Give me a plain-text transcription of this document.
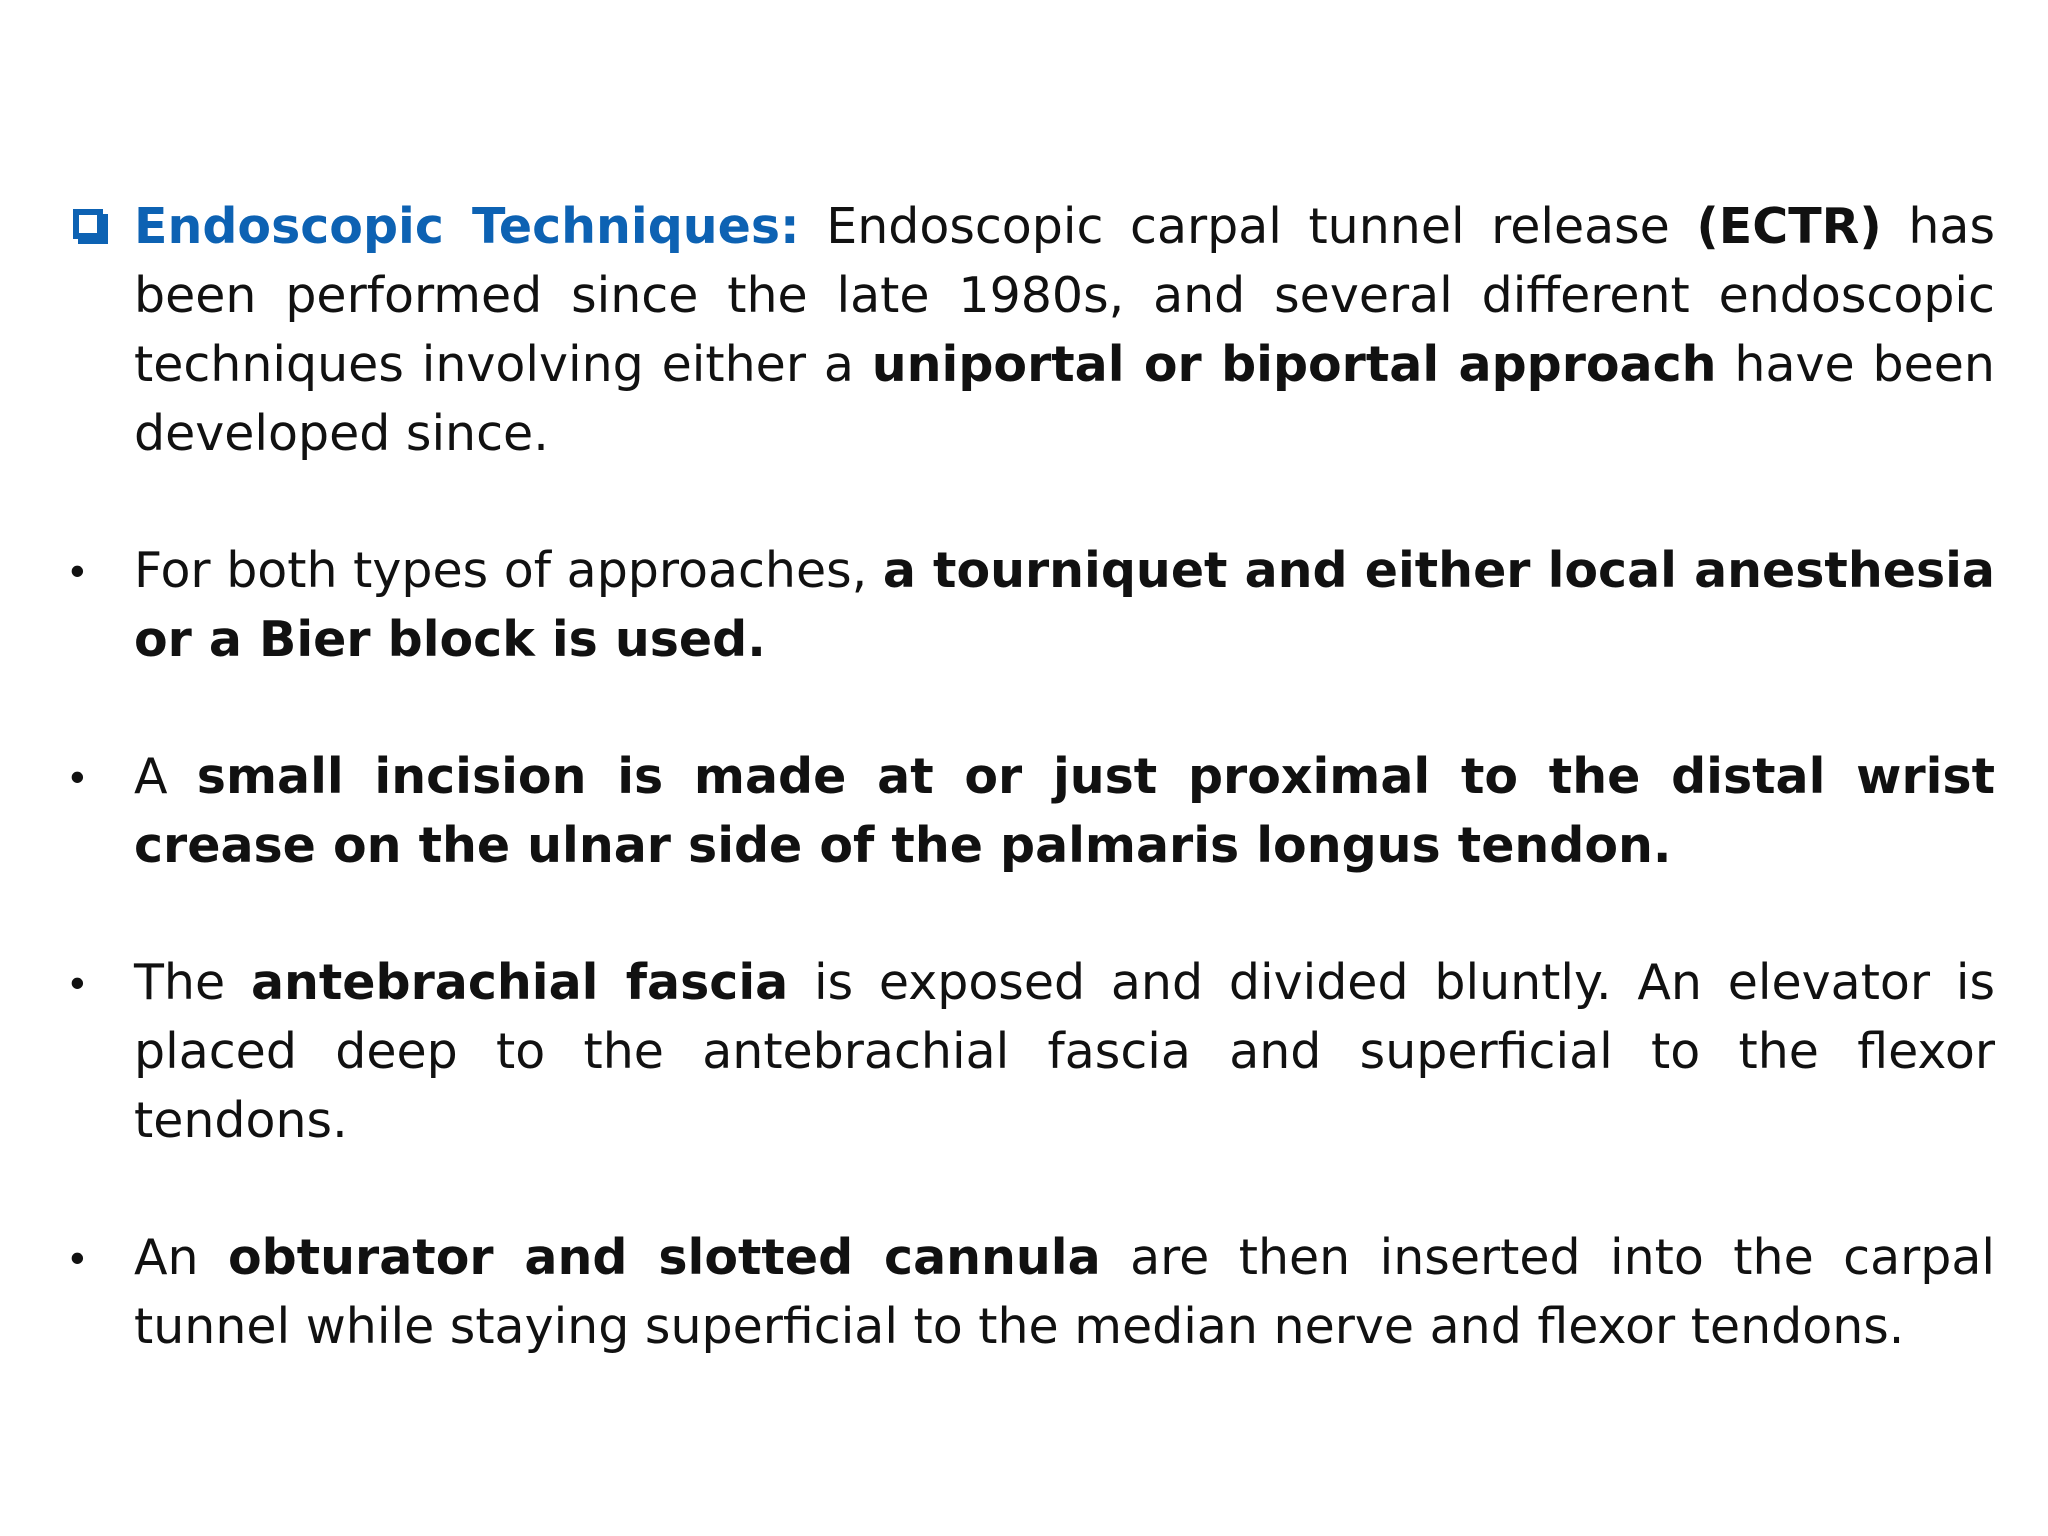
Endoscopic Techniques: Endoscopic carpal tunnel release (ECTR) has been performed since the late 1980s, and several different endoscopic techniques involving either a uniportal or biportal approach have been developed since.
•	For both types of approaches, a tourniquet and either local anesthesia or a Bier block is used.
•	A small incision is made at or just proximal to the distal wrist crease on the ulnar side of the palmaris longus tendon.
•	The antebrachial fascia is exposed and divided bluntly. An elevator is placed deep to the antebrachial fascia and superficial to the flexor tendons.
•	An obturator and slotted cannula are then inserted into the carpal tunnel while staying superficial to the median nerve and flexor tendons.
